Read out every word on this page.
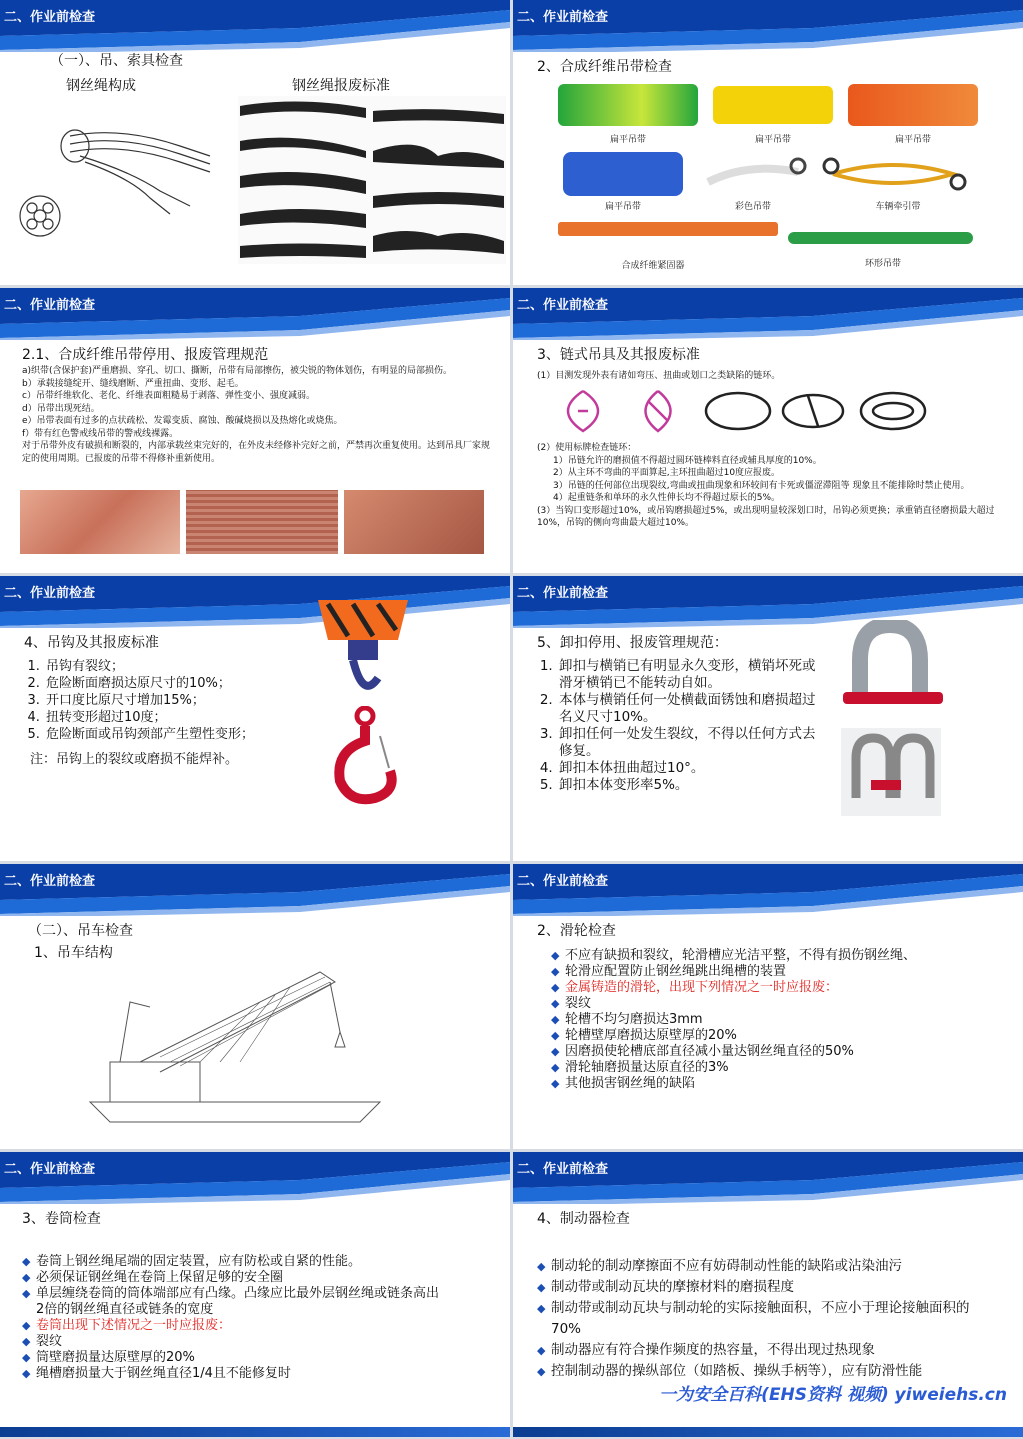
二、作业前检查
（一）、吊、索具检查
钢丝绳构成	钢丝绳报废标准
二、作业前检查
2、合成纤维吊带检查
扁平吊带	扁平吊带	扁平吊带
扁平吊带	彩色吊带	车辆牵引带
合成纤维紧固器	环形吊带
二、作业前检查
2.1、合成纤维吊带停用、报废管理规范
a)织带(含保护套)严重磨损、穿孔、切口、撕断，吊带有局部擦伤，被尖锐的物体划伤，有明显的局部损伤。
b）承载接缝绽开、缝线磨断、严重扭曲、变形、起毛。
c）吊带纤维软化、老化、纤维表面粗糙易于剥落、弹性变小、强度减弱。
d）吊带出现死结。
e）吊带表面有过多的点状疏松、发霉变质、腐蚀、酸碱烧损以及热熔化或烧焦。
f）带有红色警戒线吊带的警戒线裸露。
对于吊带外皮有破损和断裂的，内部承载丝束完好的，在外皮未经修补完好之前，严禁再次重复使用。达到吊具厂家规定的使用周期。已报废的吊带不得修补重新使用。
二、作业前检查
3、链式吊具及其报废标准
(1）目测发现外表有诸如弯压、扭曲或划口之类缺陷的链环。
(2）使用标牌检查链环：
1）吊链允许的磨损值不得超过圆环链棒料直径或辅具厚度的10%。
2）从主环不弯曲的平面算起,主环扭曲超过10度应报废。
3）吊链的任何部位出现裂纹,弯曲或扭曲现象和环较间有卡死或僵涩滞阻等 现象且不能排除时禁止使用。
4）起重链条和单环的永久性伸长均不得超过原长的5%。
(3）当钩口变形超过10%，或吊钩磨损超过5%，或出现明显较深划口时，吊钩必须更换；承重销直径磨损最大超过10%，吊钩的侧向弯曲最大超过10%。
二、作业前检查
4、吊钩及其报废标准
1. 吊钩有裂纹；
2. 危险断面磨损达原尺寸的10%；
3. 开口度比原尺寸增加15%；
4. 扭转变形超过10度；
5. 危险断面或吊钩颈部产生塑性变形；
注：吊钩上的裂纹或磨损不能焊补。
二、作业前检查
5、卸扣停用、报废管理规范：
1. 卸扣与横销已有明显永久变形，横销坏死或滑牙横销已不能转动自如。
2. 本体与横销任何一处横截面锈蚀和磨损超过名义尺寸10%。
3. 卸扣任何一处发生裂纹，不得以任何方式去修复。
4. 卸扣本体扭曲超过10°。
5. 卸扣本体变形率5%。
二、作业前检查
（二）、吊车检查
1、吊车结构
二、作业前检查
2、滑轮检查
◆ 不应有缺损和裂纹，轮滑槽应光洁平整，不得有损伤钢丝绳、
◆ 轮滑应配置防止钢丝绳跳出绳槽的装置
◆ 金属铸造的滑轮，出现下列情况之一时应报废：
◆ 裂纹
◆ 轮槽不均匀磨损达3mm
◆ 轮槽壁厚磨损达原壁厚的20%
◆ 因磨损使轮槽底部直径减小量达钢丝绳直径的50%
◆ 滑轮轴磨损量达原直径的3%
◆ 其他损害钢丝绳的缺陷
二、作业前检查
3、卷筒检查
◆ 卷筒上钢丝绳尾端的固定装置，应有防松或自紧的性能。
◆ 必须保证钢丝绳在卷筒上保留足够的安全圈
◆ 单层缠绕卷筒的筒体端部应有凸缘。凸缘应比最外层钢丝绳或链条高出2倍的钢丝绳直径或链条的宽度
◆ 卷筒出现下述情况之一时应报废：
◆ 裂纹
◆ 筒壁磨损量达原壁厚的20%
◆ 绳槽磨损量大于钢丝绳直径1/4且不能修复时
二、作业前检查
4、制动器检查
◆ 制动轮的制动摩擦面不应有妨碍制动性能的缺陷或沾染油污
◆ 制动带或制动瓦块的摩擦材料的磨损程度
◆ 制动带或制动瓦块与制动轮的实际接触面积，不应小于理论接触面积的70%
◆ 制动器应有符合操作频度的热容量，不得出现过热现象
◆ 控制制动器的操纵部位（如踏板、操纵手柄等），应有防滑性能
一为安全百科(EHS资料 视频) yiweiehs.cn
